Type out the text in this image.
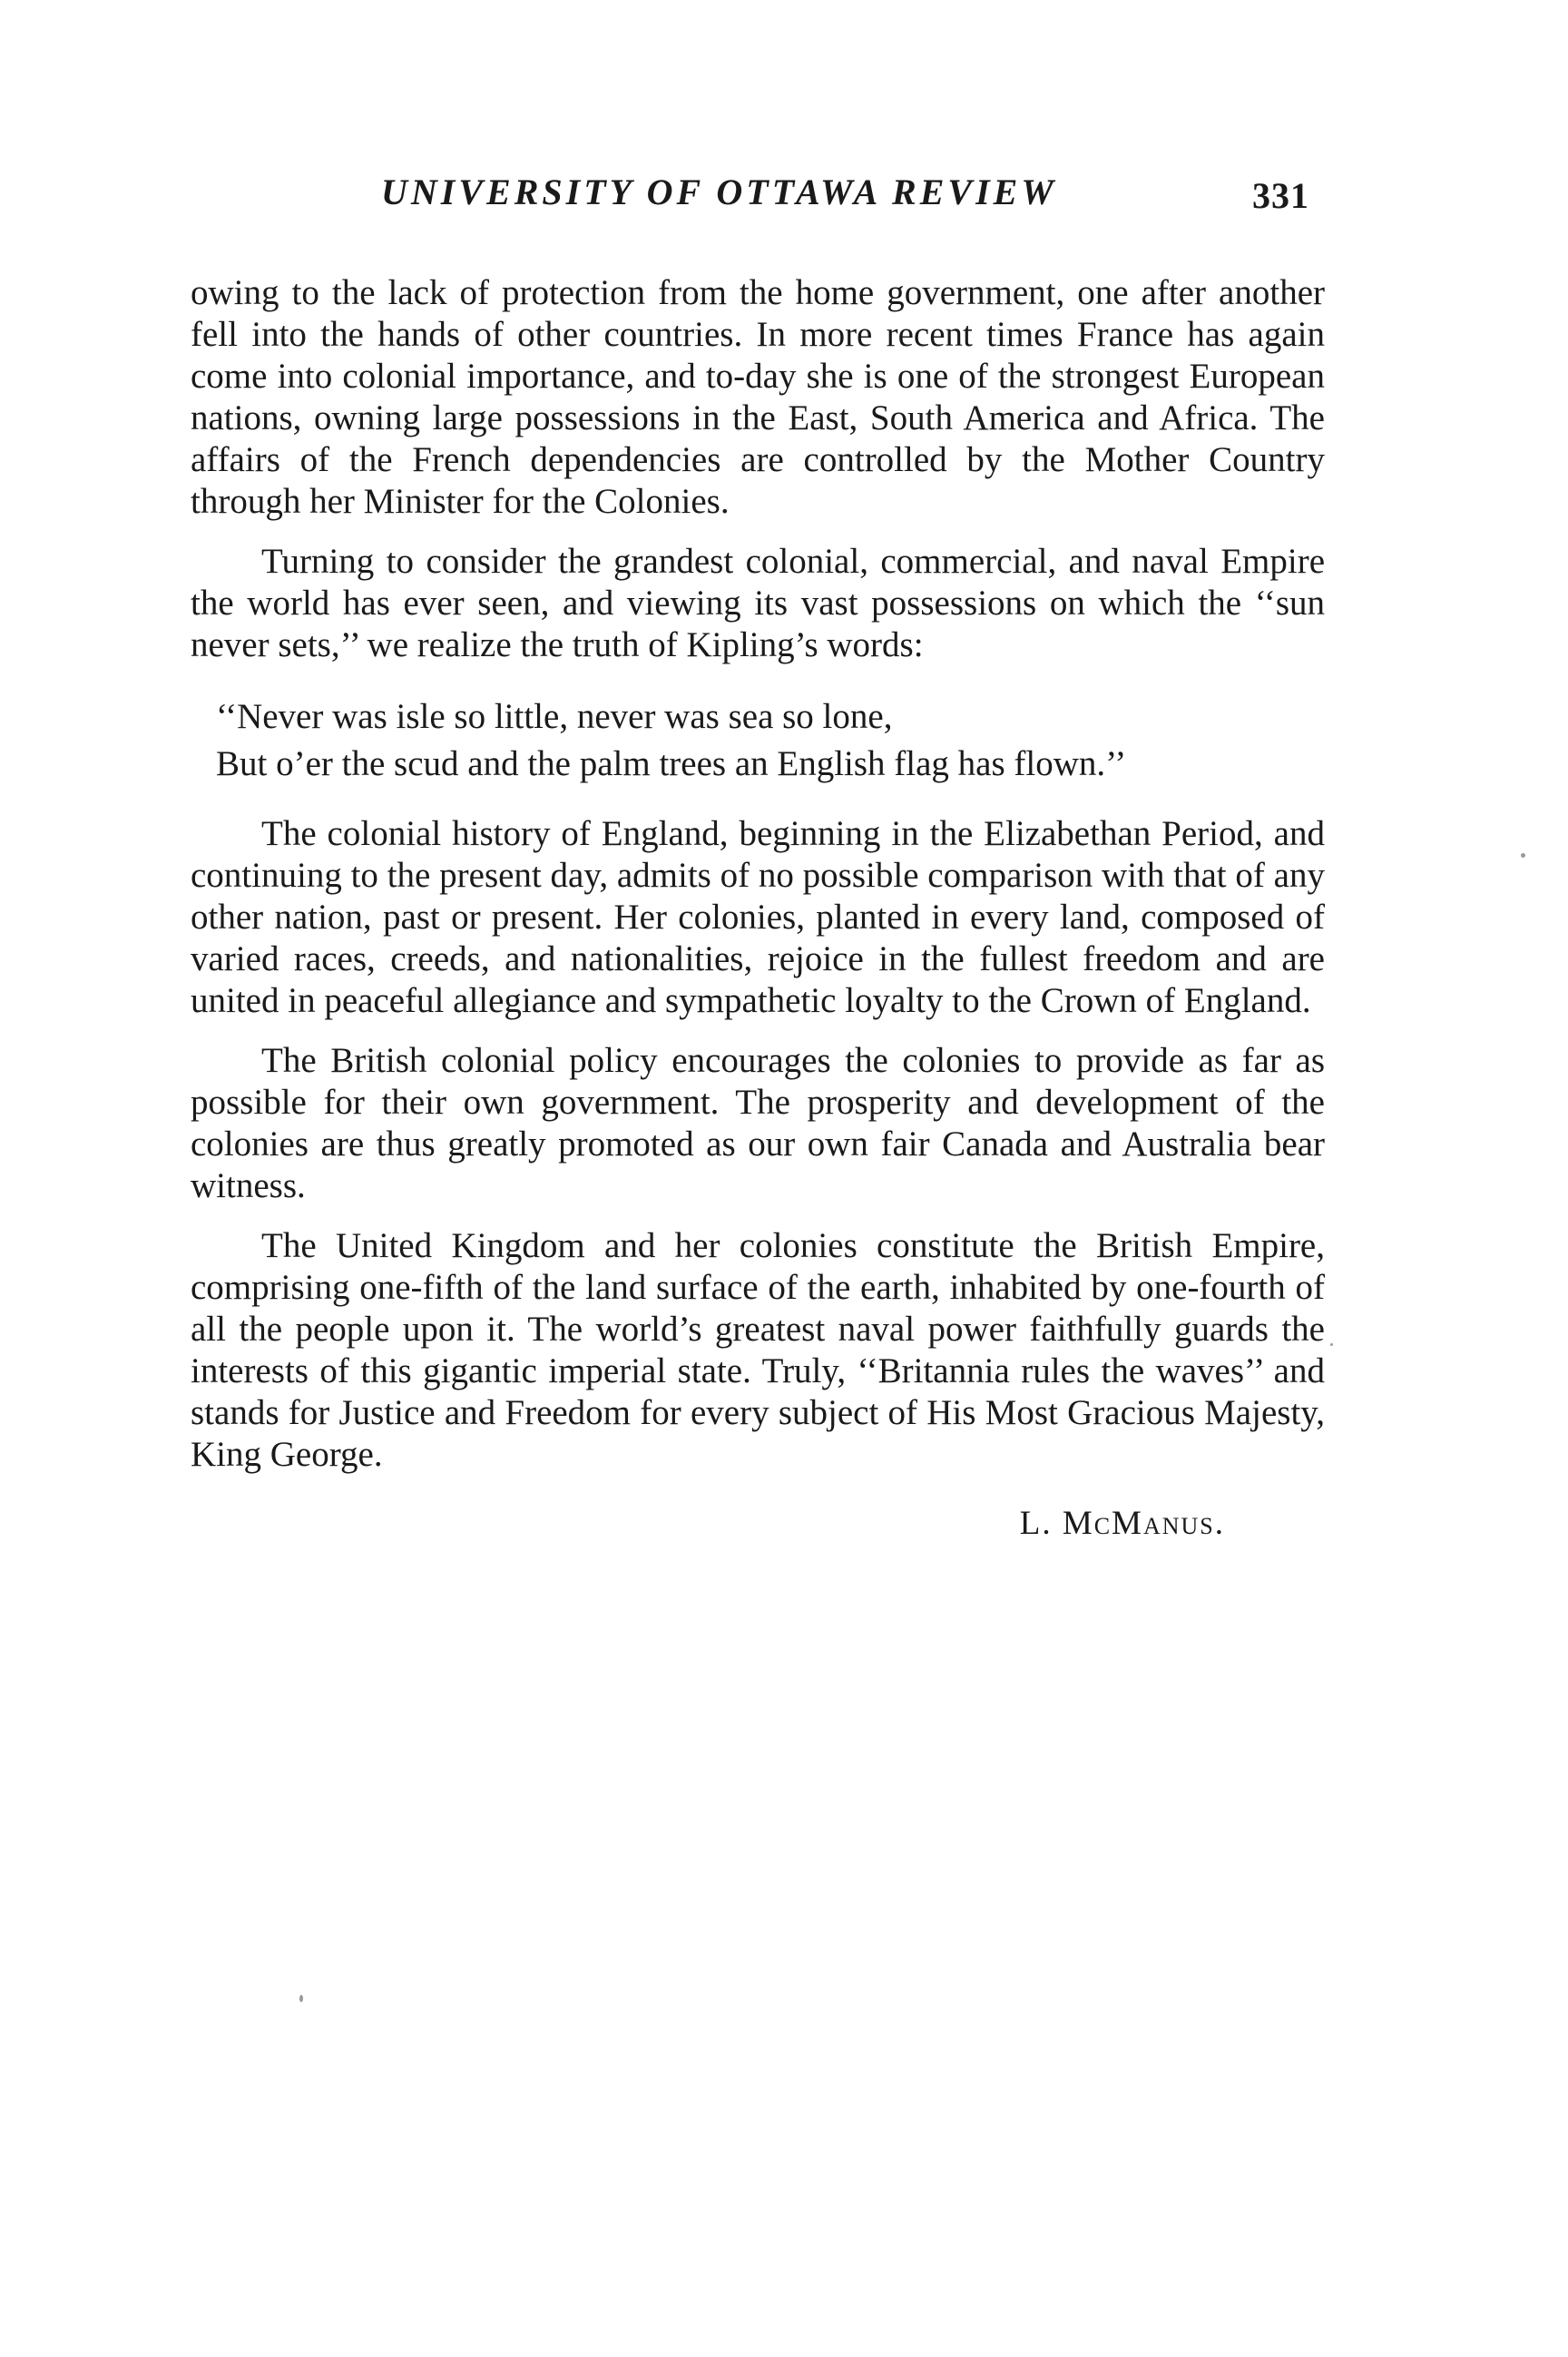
UNIVERSITY OF OTTAWA REVIEW	331

owing to the lack of protection from the home government, one after another fell into the hands of other countries. In more recent times France has again come into colonial importance, and to-day she is one of the strongest European nations, owning large possessions in the East, South America and Africa. The affairs of the French dependencies are controlled by the Mother Country through her Minister for the Colonies.

Turning to consider the grandest colonial, commercial, and naval Empire the world has ever seen, and viewing its vast possessions on which the ‘‘sun never sets,’’ we realize the truth of Kipling’s words:

‘‘Never was isle so little, never was sea so lone,
But o’er the scud and the palm trees an English flag has flown.’’

The colonial history of England, beginning in the Elizabethan Period, and continuing to the present day, admits of no possible comparison with that of any other nation, past or present. Her colonies, planted in every land, composed of varied races, creeds, and nationalities, rejoice in the fullest freedom and are united in peaceful allegiance and sympathetic loyalty to the Crown of England.

The British colonial policy encourages the colonies to provide as far as possible for their own government. The prosperity and development of the colonies are thus greatly promoted as our own fair Canada and Australia bear witness.

The United Kingdom and her colonies constitute the British Empire, comprising one-fifth of the land surface of the earth, inhabited by one-fourth of all the people upon it. The world’s greatest naval power faithfully guards the interests of this gigantic imperial state. Truly, ‘‘Britannia rules the waves’’ and stands for Justice and Freedom for every subject of His Most Gracious Majesty, King George.

L. McManus.
